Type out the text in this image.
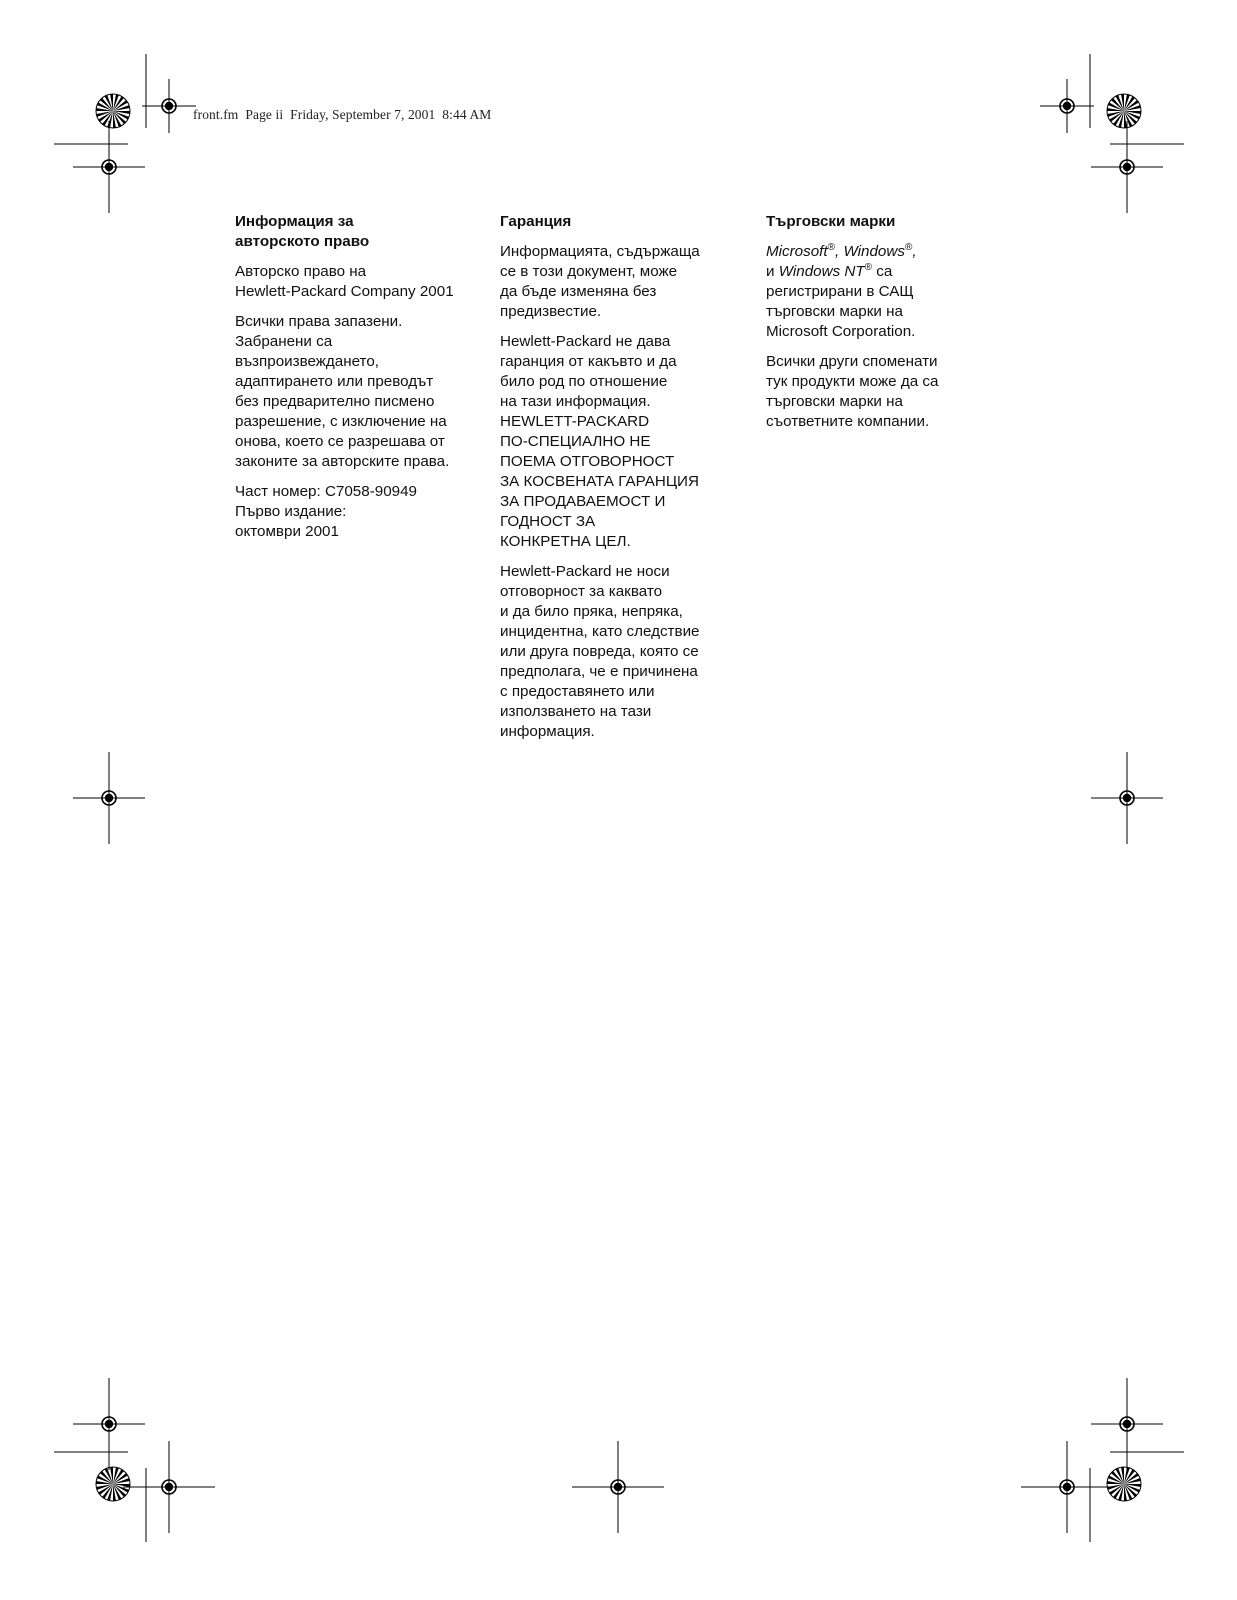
front.fm  Page ii  Friday, September 7, 2001  8:44 AM
Информация за
авторското право

Авторско право на
Hewlett-Packard Company 2001

Всички права запазени.
Забранени са
възпроизвеждането,
адаптирането или преводът
без предварително писмено
разрешение, с изключение на
онова, което се разрешава от
законите за авторските права.

Част номер: C7058-90949
Първо издание:
октомври 2001

Гаранция

Информацията, съдържаща
се в този документ, може
да бъде изменяна без
предизвестие.

Hewlett-Packard не дава
гаранция от какъвто и да
било род по отношение
на тази информация.
HEWLETT-PACKARD
ПО-СПЕЦИАЛНО НЕ
ПОЕМА ОТГОВОРНОСТ
ЗА КОСВЕНАТА ГАРАНЦИЯ
ЗА ПРОДАВАЕМОСТ И
ГОДНОСТ ЗА
КОНКРЕТНА ЦЕЛ.

Hewlett-Packard не носи
отговорност за каквато
и да било пряка, непряка,
инцидентна, като следствие
или друга повреда, която се
предполага, че е причинена
с предоставянето или
използването на тази
информация.

Търговски марки

Microsoft®, Windows®,
и Windows NT® са
регистрирани в САЩ
търговски марки на
Microsoft Corporation.

Всички други споменати
тук продукти може да са
търговски марки на
съответните компании.
